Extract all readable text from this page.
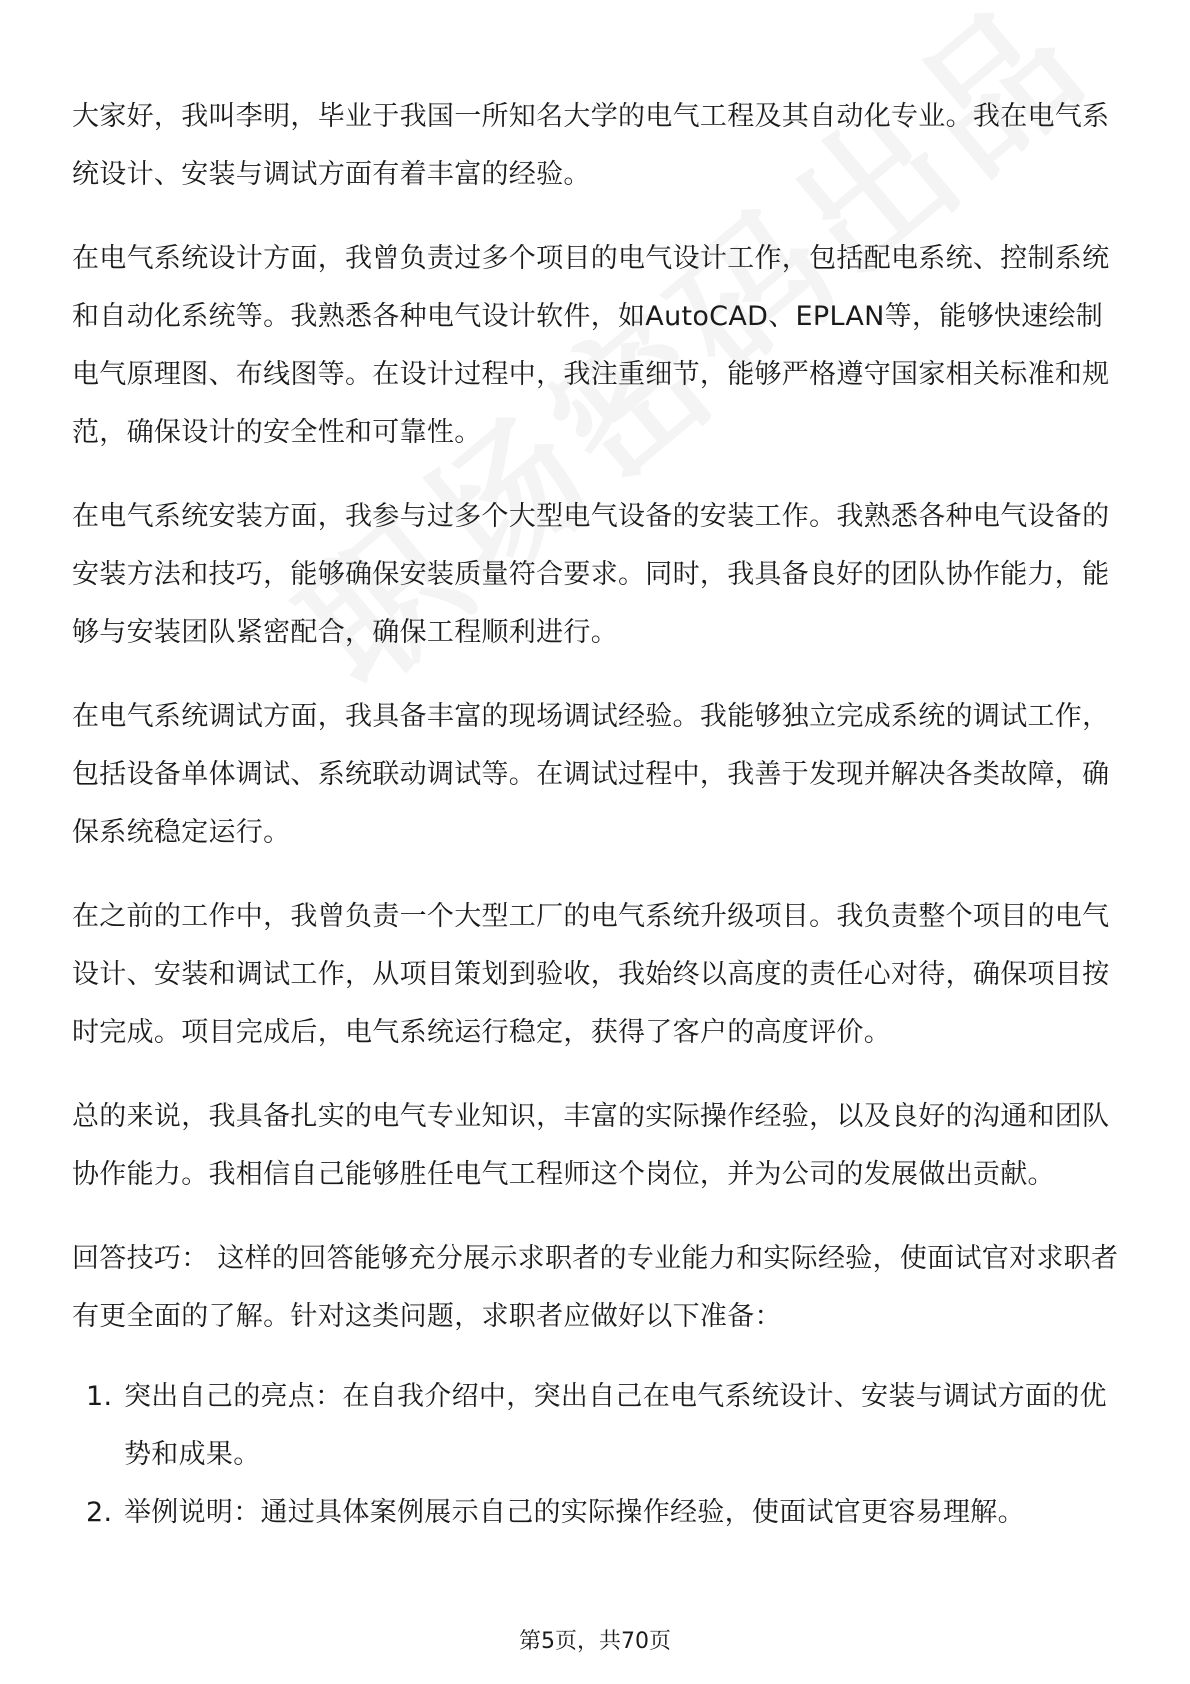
大家好，我叫李明，毕业于我国一所知名大学的电气工程及其自动化专业。我在电气系统设计、安装与调试方面有着丰富的经验。

在电气系统设计方面，我曾负责过多个项目的电气设计工作，包括配电系统、控制系统和自动化系统等。我熟悉各种电气设计软件，如AutoCAD、EPLAN等，能够快速绘制电气原理图、布线图等。在设计过程中，我注重细节，能够严格遵守国家相关标准和规范，确保设计的安全性和可靠性。

在电气系统安装方面，我参与过多个大型电气设备的安装工作。我熟悉各种电气设备的安装方法和技巧，能够确保安装质量符合要求。同时，我具备良好的团队协作能力，能够与安装团队紧密配合，确保工程顺利进行。

在电气系统调试方面，我具备丰富的现场调试经验。我能够独立完成系统的调试工作，包括设备单体调试、系统联动调试等。在调试过程中，我善于发现并解决各类故障，确保系统稳定运行。

在之前的工作中，我曾负责一个大型工厂的电气系统升级项目。我负责整个项目的电气设计、安装和调试工作，从项目策划到验收，我始终以高度的责任心对待，确保项目按时完成。项目完成后，电气系统运行稳定，获得了客户的高度评价。

总的来说，我具备扎实的电气专业知识，丰富的实际操作经验，以及良好的沟通和团队协作能力。我相信自己能够胜任电气工程师这个岗位，并为公司的发展做出贡献。

回答技巧： 这样的回答能够充分展示求职者的专业能力和实际经验，使面试官对求职者有更全面的了解。针对这类问题，求职者应做好以下准备：

1. 突出自己的亮点：在自我介绍中，突出自己在电气系统设计、安装与调试方面的优势和成果。
2. 举例说明：通过具体案例展示自己的实际操作经验，使面试官更容易理解。
第5页，共70页
